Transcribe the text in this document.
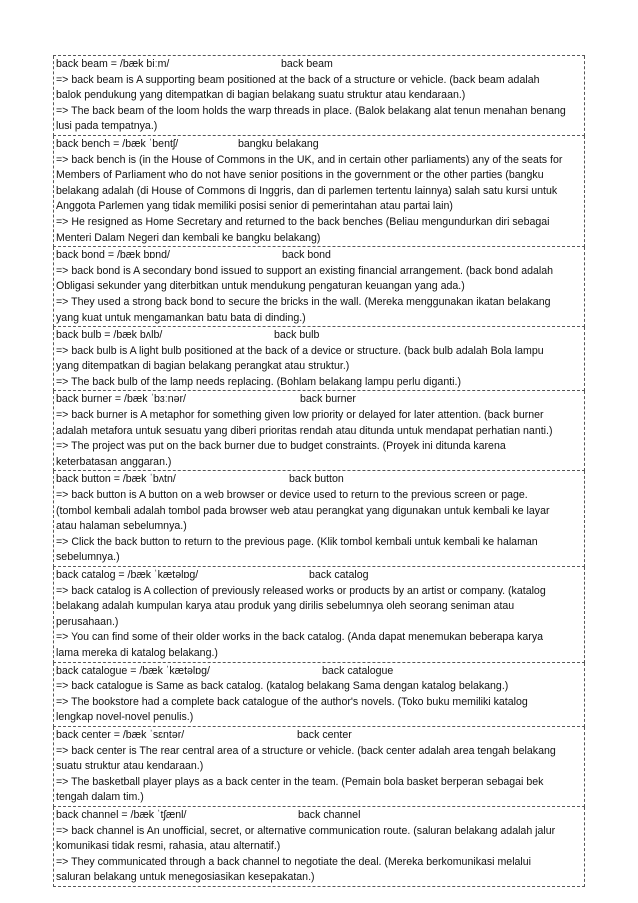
back beam = /bæk biːm/	back beam

=> back beam is A supporting beam positioned at the back of a structure or vehicle. (back beam adalah

balok pendukung yang ditempatkan di bagian belakang suatu struktur atau kendaraan.)

=> The back beam of the loom holds the warp threads in place. (Balok belakang alat tenun menahan benang

lusi pada tempatnya.)

back bench = /bæk ˈbentʃ/	bangku belakang

=> back bench is (in the House of Commons in the UK, and in certain other parliaments) any of the seats for

Members of Parliament who do not have senior positions in the government or the other parties (bangku

belakang adalah (di House of Commons di Inggris, dan di parlemen tertentu lainnya) salah satu kursi untuk

Anggota Parlemen yang tidak memiliki posisi senior di pemerintahan atau partai lain)

=> He resigned as Home Secretary and returned to the back benches (Beliau mengundurkan diri sebagai

Menteri Dalam Negeri dan kembali ke bangku belakang)

back bond = /bæk bɒnd/	back bond

=> back bond is A secondary bond issued to support an existing financial arrangement. (back bond adalah

Obligasi sekunder yang diterbitkan untuk mendukung pengaturan keuangan yang ada.)

=> They used a strong back bond to secure the bricks in the wall. (Mereka menggunakan ikatan belakang

yang kuat untuk mengamankan batu bata di dinding.)

back bulb = /bæk bʌlb/	back bulb

=> back bulb is A light bulb positioned at the back of a device or structure. (back bulb adalah Bola lampu

yang ditempatkan di bagian belakang perangkat atau struktur.)

=> The back bulb of the lamp needs replacing. (Bohlam belakang lampu perlu diganti.)

back burner = /bæk ˈbɜːnər/	back burner

=> back burner is A metaphor for something given low priority or delayed for later attention. (back burner

adalah metafora untuk sesuatu yang diberi prioritas rendah atau ditunda untuk mendapat perhatian nanti.)

=> The project was put on the back burner due to budget constraints. (Proyek ini ditunda karena

keterbatasan anggaran.)

back button = /bæk ˈbʌtn/	back button

=> back button is A button on a web browser or device used to return to the previous screen or page.

(tombol kembali adalah tombol pada browser web atau perangkat yang digunakan untuk kembali ke layar

atau halaman sebelumnya.)

=> Click the back button to return to the previous page. (Klik tombol kembali untuk kembali ke halaman

sebelumnya.)

back catalog = /bæk ˈkætəlɒg/	back catalog

=> back catalog is A collection of previously released works or products by an artist or company. (katalog

belakang adalah kumpulan karya atau produk yang dirilis sebelumnya oleh seorang seniman atau

perusahaan.)

=> You can find some of their older works in the back catalog. (Anda dapat menemukan beberapa karya

lama mereka di katalog belakang.)

back catalogue = /bæk ˈkætəlɒg/	back catalogue

=> back catalogue is Same as back catalog. (katalog belakang Sama dengan katalog belakang.)

=> The bookstore had a complete back catalogue of the author's novels. (Toko buku memiliki katalog

lengkap novel-novel penulis.)

back center = /bæk ˈsɛntər/	back center

=> back center is The rear central area of a structure or vehicle. (back center adalah area tengah belakang

suatu struktur atau kendaraan.)

=> The basketball player plays as a back center in the team. (Pemain bola basket berperan sebagai bek

tengah dalam tim.)

back channel = /bæk ˈtʃænl/	back channel

=> back channel is An unofficial, secret, or alternative communication route. (saluran belakang adalah jalur

komunikasi tidak resmi, rahasia, atau alternatif.)

=> They communicated through a back channel to negotiate the deal. (Mereka berkomunikasi melalui

saluran belakang untuk menegosiasikan kesepakatan.)
